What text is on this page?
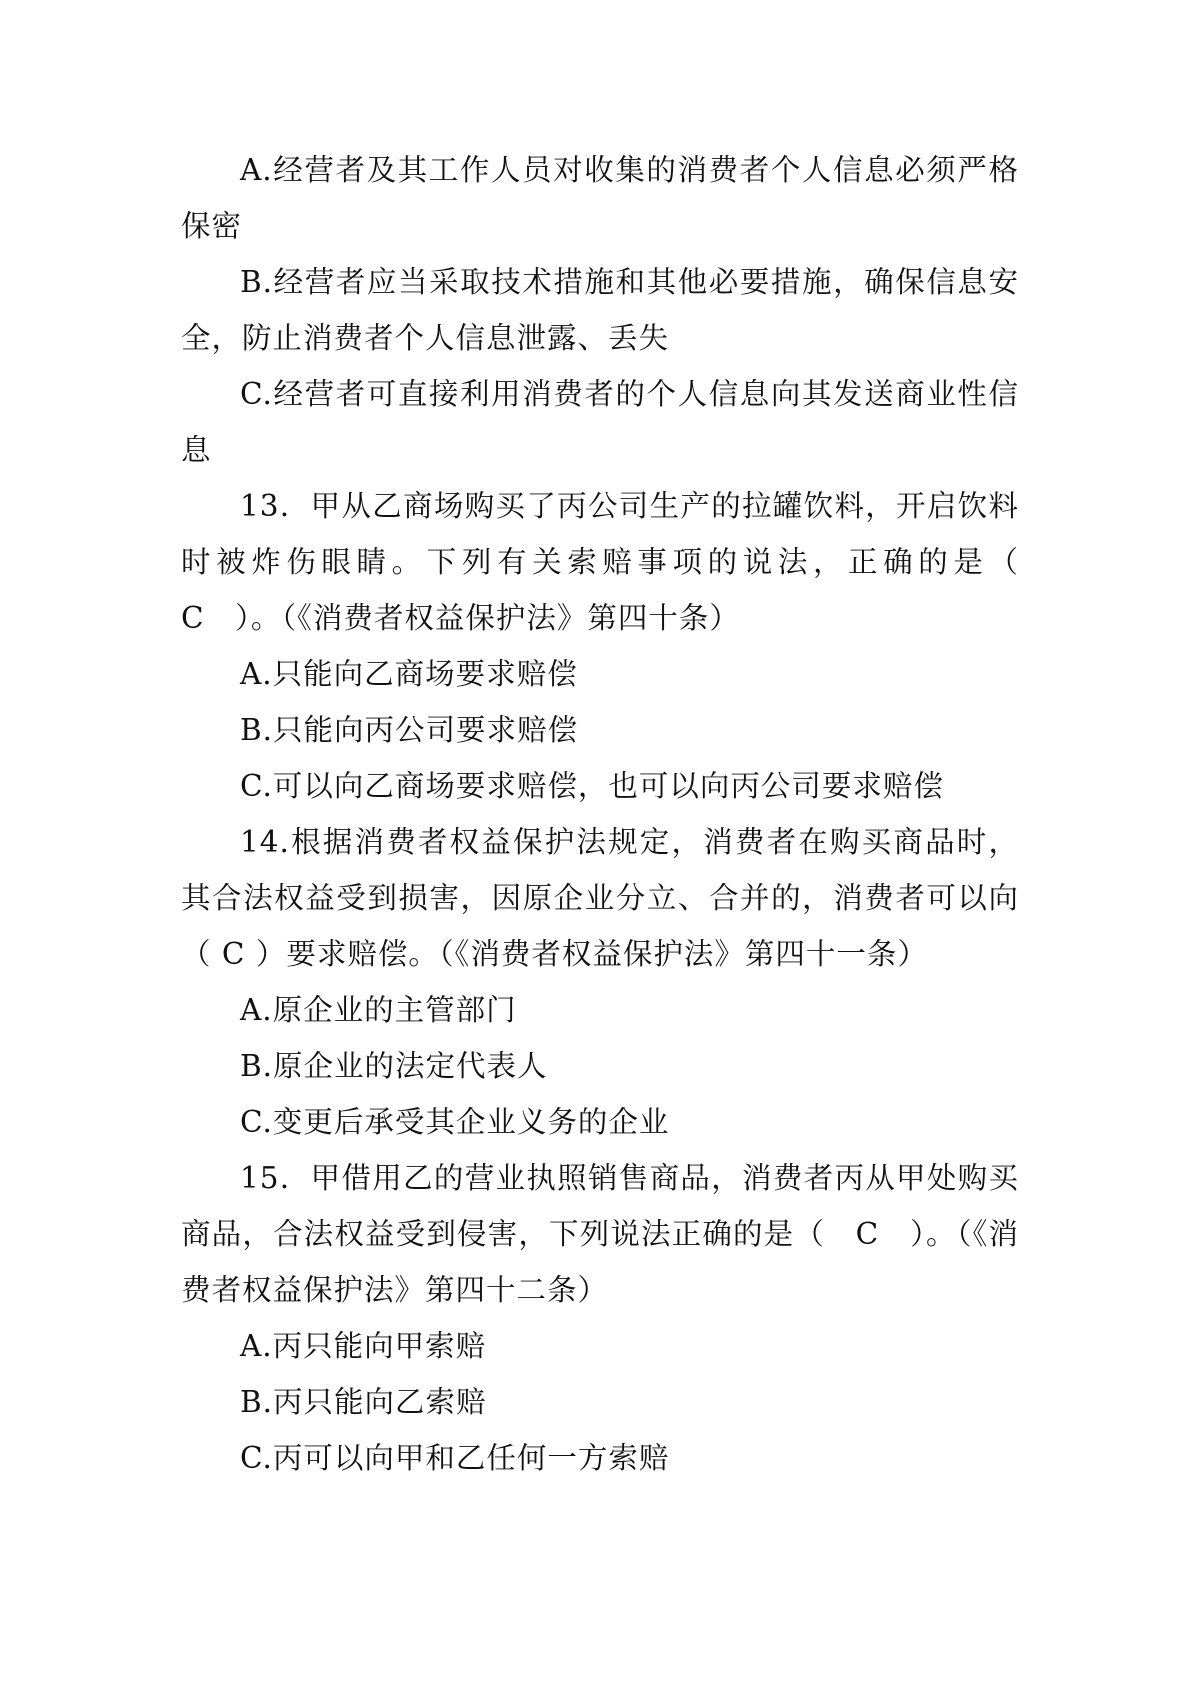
A.经营者及其工作人员对收集的消费者个人信息必须严格保密

B.经营者应当采取技术措施和其他必要措施，确保信息安全，防止消费者个人信息泄露、丢失

C.经营者可直接利用消费者的个人信息向其发送商业性信息

13．甲从乙商场购买了丙公司生产的拉罐饮料，开启饮料时被炸伤眼睛。下列有关索赔事项的说法，正确的是（　C　）。（《消费者权益保护法》第四十条）

A.只能向乙商场要求赔偿

B.只能向丙公司要求赔偿

C.可以向乙商场要求赔偿，也可以向丙公司要求赔偿

14.根据消费者权益保护法规定，消费者在购买商品时，其合法权益受到损害，因原企业分立、合并的，消费者可以向（ C ）要求赔偿。（《消费者权益保护法》第四十一条）

A.原企业的主管部门

B.原企业的法定代表人

C.变更后承受其企业义务的企业

15．甲借用乙的营业执照销售商品，消费者丙从甲处购买商品，合法权益受到侵害，下列说法正确的是（　C　）。（《消费者权益保护法》第四十二条）

A.丙只能向甲索赔

B.丙只能向乙索赔

C.丙可以向甲和乙任何一方索赔
